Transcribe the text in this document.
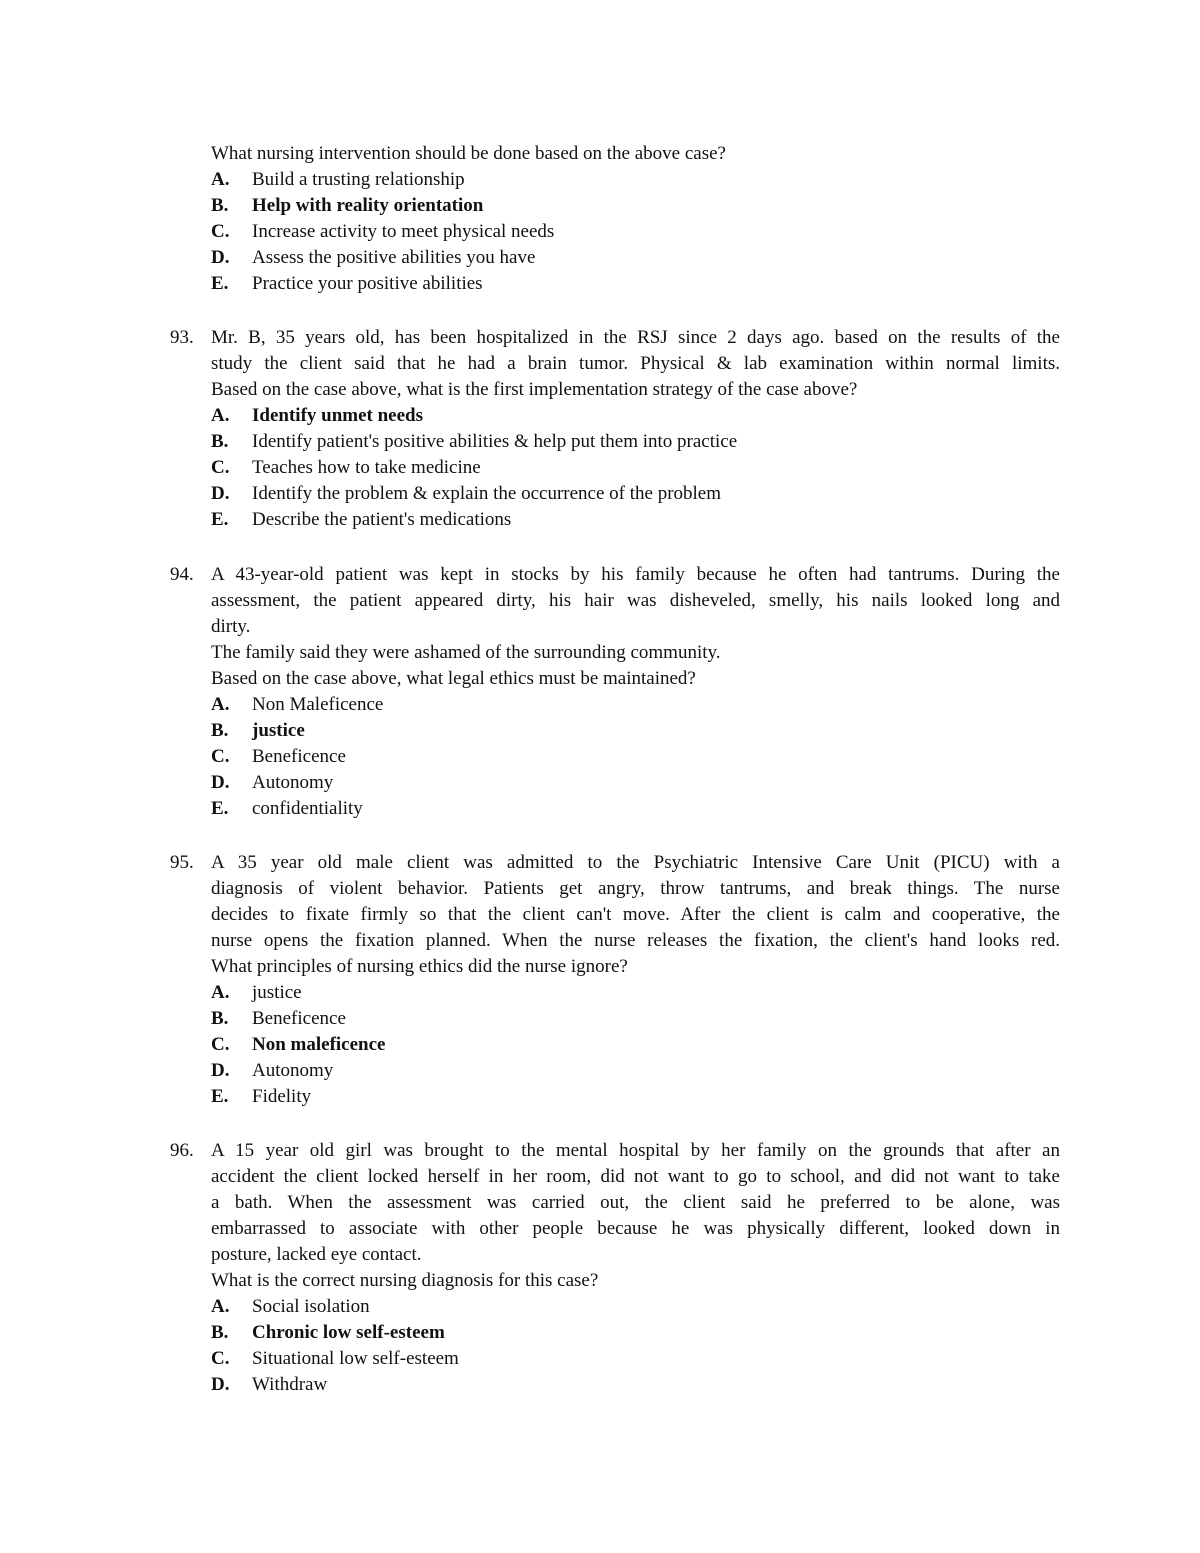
What nursing intervention should be done based on the above case?
A. Build a trusting relationship
B. Help with reality orientation
C. Increase activity to meet physical needs
D. Assess the positive abilities you have
E. Practice your positive abilities
93. Mr. B, 35 years old, has been hospitalized in the RSJ since 2 days ago. based on the results of the
study the client said that he had a brain tumor. Physical & lab examination within normal limits.
Based on the case above, what is the first implementation strategy of the case above?
A. Identify unmet needs
B. Identify patient's positive abilities & help put them into practice
C. Teaches how to take medicine
D. Identify the problem & explain the occurrence of the problem
E. Describe the patient's medications
94. A 43-year-old patient was kept in stocks by his family because he often had tantrums. During the
assessment, the patient appeared dirty, his hair was disheveled, smelly, his nails looked long and
dirty.
The family said they were ashamed of the surrounding community.
Based on the case above, what legal ethics must be maintained?
A. Non Maleficence
B. justice
C. Beneficence
D. Autonomy
E. confidentiality
95. A 35 year old male client was admitted to the Psychiatric Intensive Care Unit (PICU) with a
diagnosis of violent behavior. Patients get angry, throw tantrums, and break things. The nurse
decides to fixate firmly so that the client can't move. After the client is calm and cooperative, the
nurse opens the fixation planned. When the nurse releases the fixation, the client's hand looks red.
What principles of nursing ethics did the nurse ignore?
A. justice
B. Beneficence
C. Non maleficence
D. Autonomy
E. Fidelity
96. A 15 year old girl was brought to the mental hospital by her family on the grounds that after an
accident the client locked herself in her room, did not want to go to school, and did not want to take
a bath. When the assessment was carried out, the client said he preferred to be alone, was
embarrassed to associate with other people because he was physically different, looked down in
posture, lacked eye contact.
What is the correct nursing diagnosis for this case?
A. Social isolation
B. Chronic low self-esteem
C. Situational low self-esteem
D. Withdraw
